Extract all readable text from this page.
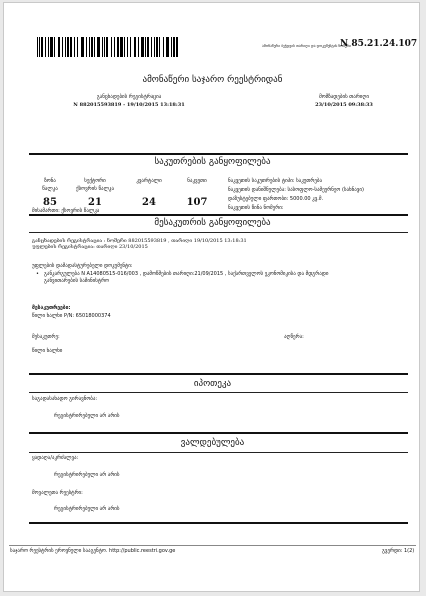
ამონაწერი ბეჭდვის თარიღი და დოკუმენტის ნომერი
N 85.21.24.107
ამონაწერი საჯარო რეესტრიდან
განცხადების რეგისტრაცია
N 882015593819 - 19/10/2015 13:18:31
მომზადების თარიღი
23/10/2015 09:38:33
საკუთრების განყოფილება
ზონა
წალკა
85
სექტორი
ქსოვრის წალკა
21
კვარტალი
24
ნაკვეთი
107
ნაკვეთის საკუთრების ტიპი: საკუთრება
ნაკვეთის დანიშნულება: სასოფლო-სამეურნეო (სახნავი)
დაზუსტებული ფართობი: 5000.00 კვ.მ.
ნაკვეთის წინა ნომერი:
მისამართი: ქსოვრის წალკა
მესაკუთრის განყოფილება
განცხადების რეგისტრაცია : ნომერი 882015593819 , თარიღი 19/10/2015 13:18:31
უფლების რეგისტრაცია: თარიღი 23/10/2015
უფლების დამადასტურებელი დოკუმენტი:
• განკარგულება N A14080515-016/003 , დამოწმების თარიღი:21/09/2015 , საქართველოს ეკონომიკისა და მდგრადი
განვითარების სამინისტრო
მესაკუთრეები:
წილი ხალხი P/N: 65018000374
მესაკუთრე:	აღწერა:
წილი ხალხი
იპოთეკა
საგადასახადო გირავნობა:
რეგისტრირებული არ არის
ვალდებულება
ყადაღა/აკრძალვა:
რეგისტრირებული არ არის
მოვალეთა რეესტრი:
რეგისტრირებული არ არის
საჯარო რეესტრის ეროვნული სააგენტო. http://public.reestri.gov.ge	გვერდი: 1(2)
